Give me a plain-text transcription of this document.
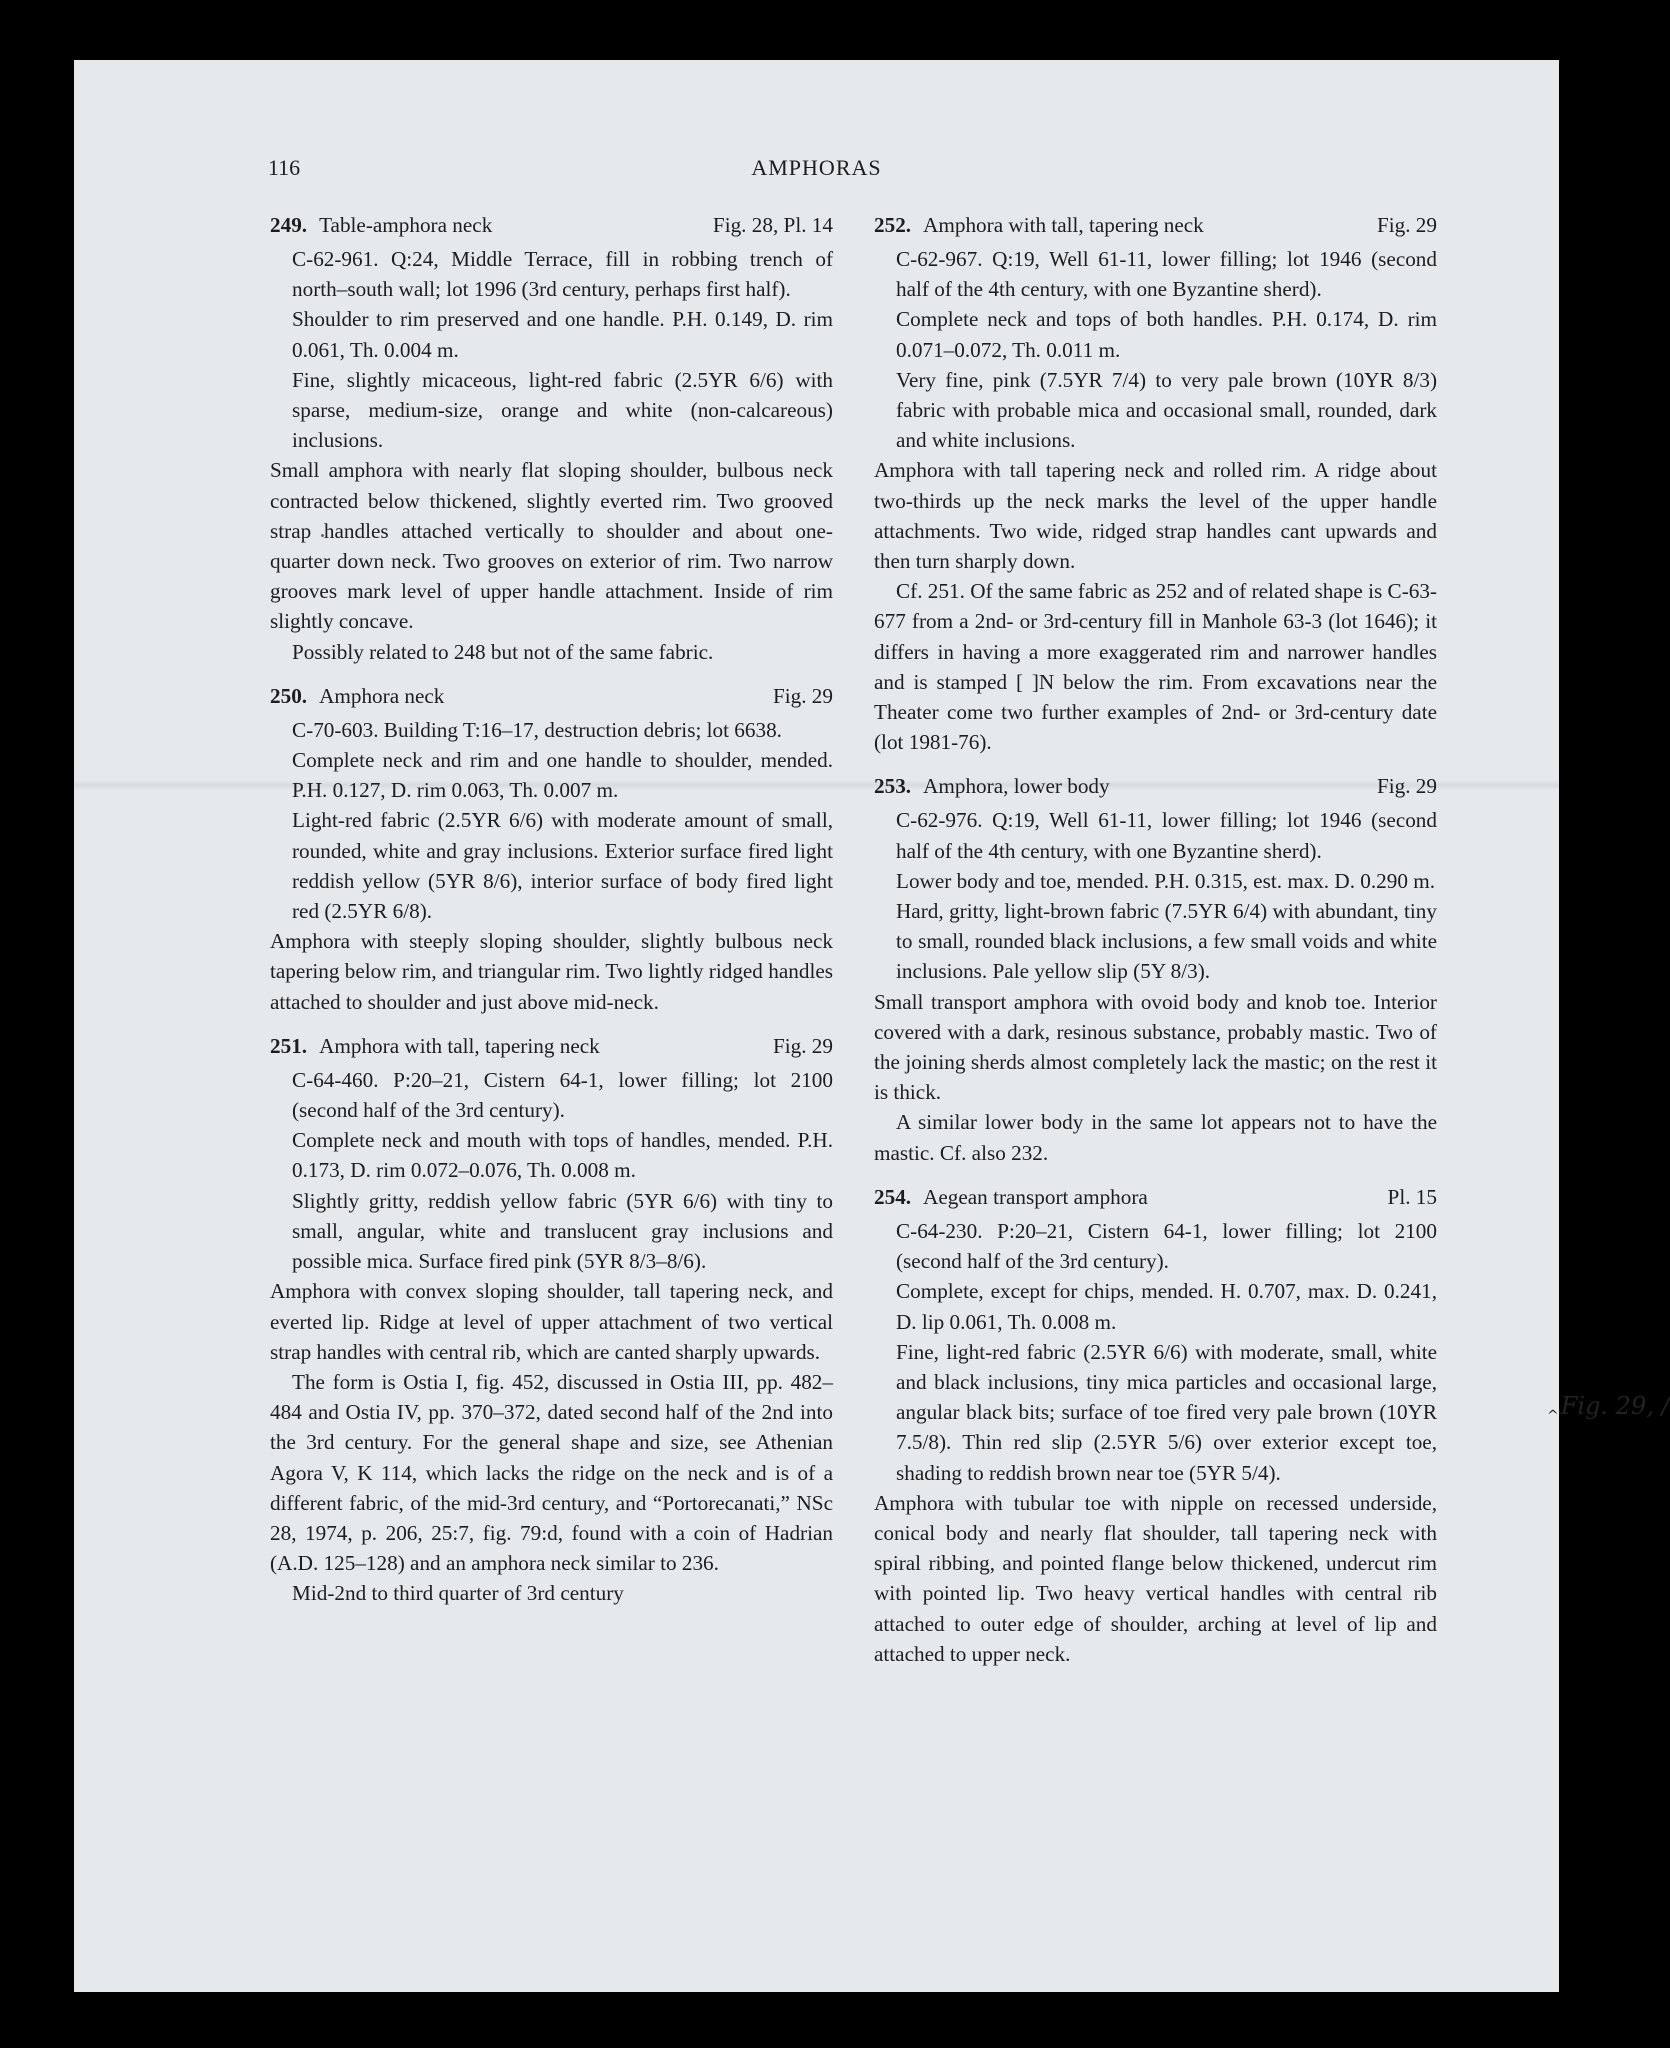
116	AMPHORAS
249. Table-amphora neck	Fig. 28, Pl. 14
C-62-961. Q:24, Middle Terrace, fill in robbing trench of north–south wall; lot 1996 (3rd century, perhaps first half).
Shoulder to rim preserved and one handle. P.H. 0.149, D. rim 0.061, Th. 0.004 m.
Fine, slightly micaceous, light-red fabric (2.5YR 6/6) with sparse, medium-size, orange and white (non-calcareous) inclusions.

Small amphora with nearly flat sloping shoulder, bulbous neck contracted below thickened, slightly everted rim. Two grooved strap handles attached vertically to shoulder and about one-quarter down neck. Two grooves on exterior of rim. Two narrow grooves mark level of upper handle attachment. Inside of rim slightly concave.

Possibly related to 248 but not of the same fabric.

250. Amphora neck	Fig. 29
C-70-603. Building T:16–17, destruction debris; lot 6638.
Complete neck and rim and one handle to shoulder, mended. P.H. 0.127, D. rim 0.063, Th. 0.007 m.
Light-red fabric (2.5YR 6/6) with moderate amount of small, rounded, white and gray inclusions. Exterior surface fired light reddish yellow (5YR 8/6), interior surface of body fired light red (2.5YR 6/8).

Amphora with steeply sloping shoulder, slightly bulbous neck tapering below rim, and triangular rim. Two lightly ridged handles attached to shoulder and just above mid-neck.

251. Amphora with tall, tapering neck	Fig. 29
C-64-460. P:20–21, Cistern 64-1, lower filling; lot 2100 (second half of the 3rd century).
Complete neck and mouth with tops of handles, mended. P.H. 0.173, D. rim 0.072–0.076, Th. 0.008 m.
Slightly gritty, reddish yellow fabric (5YR 6/6) with tiny to small, angular, white and translucent gray inclusions and possible mica. Surface fired pink (5YR 8/3–8/6).

Amphora with convex sloping shoulder, tall tapering neck, and everted lip. Ridge at level of upper attachment of two vertical strap handles with central rib, which are canted sharply upwards.

The form is Ostia I, fig. 452, discussed in Ostia III, pp. 482–484 and Ostia IV, pp. 370–372, dated second half of the 2nd into the 3rd century. For the general shape and size, see Athenian Agora V, K 114, which lacks the ridge on the neck and is of a different fabric, of the mid-3rd century, and “Portorecanati,” NSc 28, 1974, p. 206, 25:7, fig. 79:d, found with a coin of Hadrian (A.D. 125–128) and an amphora neck similar to 236.

Mid-2nd to third quarter of 3rd century

252. Amphora with tall, tapering neck	Fig. 29
C-62-967. Q:19, Well 61-11, lower filling; lot 1946 (second half of the 4th century, with one Byzantine sherd).
Complete neck and tops of both handles. P.H. 0.174, D. rim 0.071–0.072, Th. 0.011 m.
Very fine, pink (7.5YR 7/4) to very pale brown (10YR 8/3) fabric with probable mica and occasional small, rounded, dark and white inclusions.

Amphora with tall tapering neck and rolled rim. A ridge about two-thirds up the neck marks the level of the upper handle attachments. Two wide, ridged strap handles cant upwards and then turn sharply down.

Cf. 251. Of the same fabric as 252 and of related shape is C-63-677 from a 2nd- or 3rd-century fill in Manhole 63-3 (lot 1646); it differs in having a more exaggerated rim and narrower handles and is stamped [ ]N below the rim. From excavations near the Theater come two further examples of 2nd- or 3rd-century date (lot 1981-76).

253. Amphora, lower body	Fig. 29
C-62-976. Q:19, Well 61-11, lower filling; lot 1946 (second half of the 4th century, with one Byzantine sherd).
Lower body and toe, mended. P.H. 0.315, est. max. D. 0.290 m.
Hard, gritty, light-brown fabric (7.5YR 6/4) with abundant, tiny to small, rounded black inclusions, a few small voids and white inclusions. Pale yellow slip (5Y 8/3).

Small transport amphora with ovoid body and knob toe. Interior covered with a dark, resinous substance, probably mastic. Two of the joining sherds almost completely lack the mastic; on the rest it is thick.

A similar lower body in the same lot appears not to have the mastic. Cf. also 232.

254. Aegean transport amphora	Pl. 15
C-64-230. P:20–21, Cistern 64-1, lower filling; lot 2100 (second half of the 3rd century).
Complete, except for chips, mended. H. 0.707, max. D. 0.241, D. lip 0.061, Th. 0.008 m.
Fine, light-red fabric (2.5YR 6/6) with moderate, small, white and black inclusions, tiny mica particles and occasional large, angular black bits; surface of toe fired very pale brown (10YR 7.5/8). Thin red slip (2.5YR 5/6) over exterior except toe, shading to reddish brown near toe (5YR 5/4).

Amphora with tubular toe with nipple on recessed underside, conical body and nearly flat shoulder, tall tapering neck with spiral ribbing, and pointed flange below thickened, undercut rim with pointed lip. Two heavy vertical handles with central rib attached to outer edge of shoulder, arching at level of lip and attached to upper neck.

$_{\^{}}$Fig. 29, /
